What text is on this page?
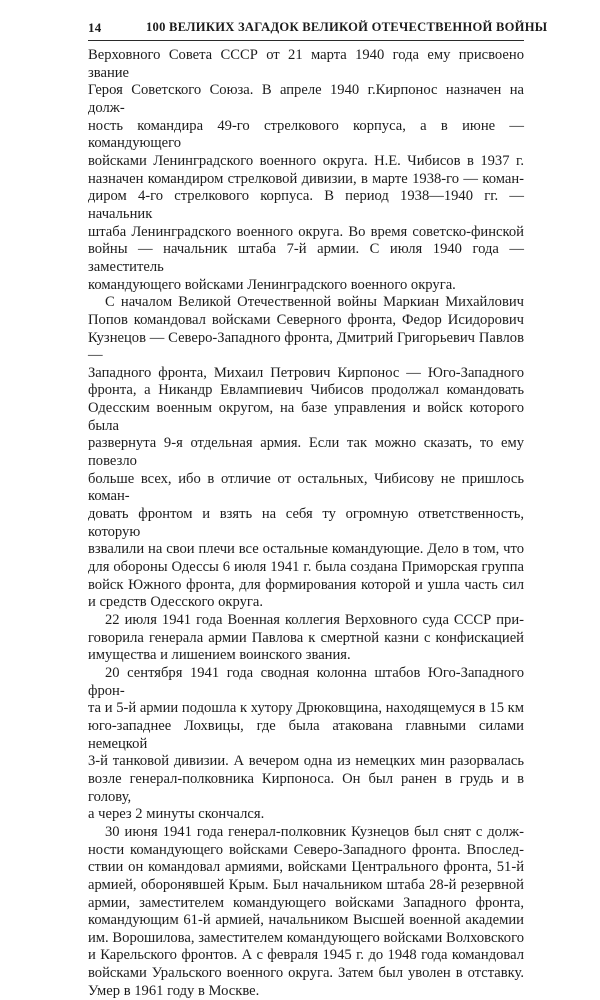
14	100 ВЕЛИКИХ ЗАГАДОК ВЕЛИКОЙ ОТЕЧЕСТВЕННОЙ ВОЙНЫ

Верховного Совета СССР от 21 марта 1940 года ему присвоено звание

Героя Советского Союза. В апреле 1940 г.Кирпонос назначен на долж-

ность командира 49-го стрелкового корпуса, а в июне — командующего

войсками Ленинградского военного округа. Н.Е. Чибисов в 1937 г.

назначен командиром стрелковой дивизии, в марте 1938-го — коман-

диром 4-го стрелкового корпуса. В период 1938—1940 гг. — начальник

штаба Ленинградского военного округа. Во время советско-финской

войны — начальник штаба 7-й армии. С июля 1940 года — заместитель

командующего войсками Ленинградского военного округа.

С началом Великой Отечественной войны Маркиан Михайлович

Попов командовал войсками Северного фронта, Федор Исидорович

Кузнецов — Северо-Западного фронта, Дмитрий Григорьевич Павлов —

Западного фронта, Михаил Петрович Кирпонос — Юго-Западного

фронта, а Никандр Евлампиевич Чибисов продолжал командовать

Одесским военным округом, на базе управления и войск которого была

развернута 9-я отдельная армия. Если так можно сказать, то ему повезло

больше всех, ибо в отличие от остальных, Чибисову не пришлось коман-

довать фронтом и взять на себя ту огромную ответственность, которую

взвалили на свои плечи все остальные командующие. Дело в том, что

для обороны Одессы 6 июля 1941 г. была создана Приморская группа

войск Южного фронта, для формирования которой и ушла часть сил

и средств Одесского округа.

22 июля 1941 года Военная коллегия Верховного суда СССР при-

говорила генерала армии Павлова к смертной казни с конфискацией

имущества и лишением воинского звания.

20 сентября 1941 года сводная колонна штабов Юго-Западного фрон-

та и 5-й армии подошла к хутору Дрюковщина, находящемуся в 15 км

юго-западнее Лохвицы, где была атакована главными силами немецкой

3-й танковой дивизии. А вечером одна из немецких мин разорвалась

возле генерал-полковника Кирпоноса. Он был ранен в грудь и в голову,

а через 2 минуты скончался.

30 июня 1941 года генерал-полковник Кузнецов был снят с долж-

ности командующего войсками Северо-Западного фронта. Впослед-

ствии он командовал армиями, войсками Центрального фронта, 51-й

армией, оборонявшей Крым. Был начальником штаба 28-й резервной

армии, заместителем командующего войсками Западного фронта,

командующим 61-й армией, начальником Высшей военной академии

им. Ворошилова, заместителем командующего войсками Волховского

и Карельского фронтов. А с февраля 1945 г. до 1948 года командовал

войсками Уральского военного округа. Затем был уволен в отставку.

Умер в 1961 году в Москве.
